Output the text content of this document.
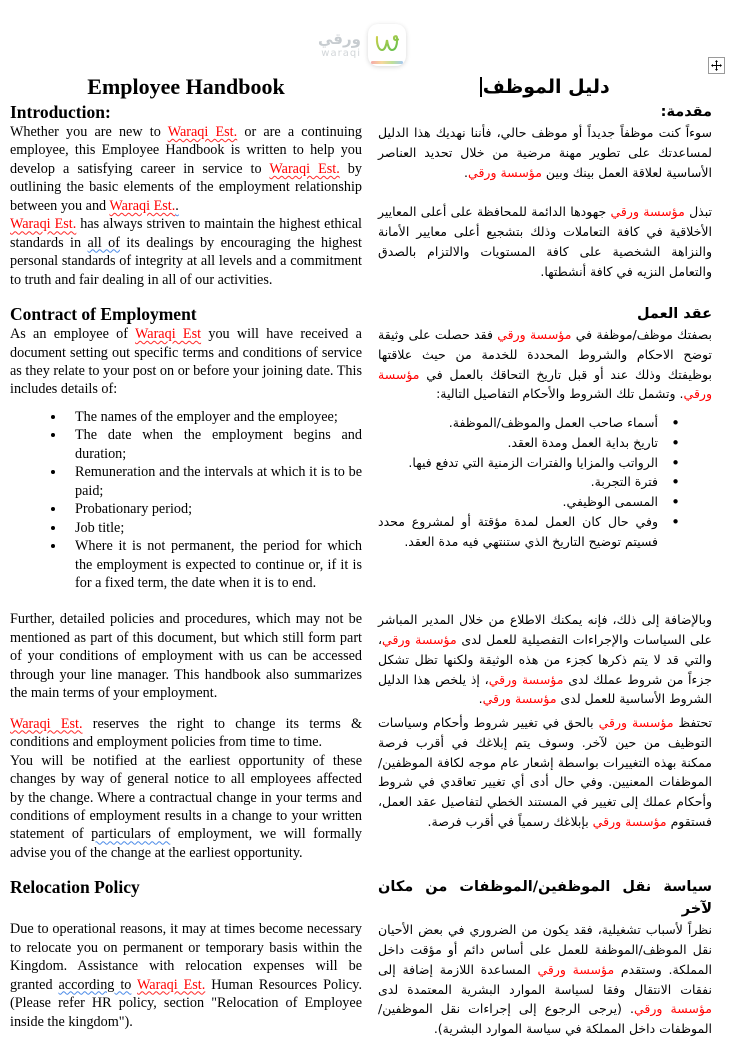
ورقي
waraqi
Employee Handbook	دليل الموظف
Introduction:	مقدمة:

Whether you are new to Waraqi Est. or are a continuing employee, this Employee Handbook is written to help you develop a satisfying career in service to Waraqi Est. by outlining the basic elements of the employment relationship between you and Waraqi Est..

Waraqi Est. has always striven to maintain the highest ethical standards in all of its dealings by encouraging the highest personal standards of integrity at all levels and a commitment to truth and fair dealing in all of our activities.

سوءاً كنت موظفاً جديداً أو موظف حالي، فأننا نهديك هذا الدليل لمساعدتك على تطوير مهنة مرضية من خلال تحديد العناصر الأساسية لعلاقة العمل بينك وبين مؤسسة ورقي.

تبذل مؤسسة ورقي جهودها الدائمة للمحافظة على أعلى المعايير الأخلاقية في كافة التعاملات وذلك بتشجيع أعلى معايير الأمانة والنزاهة الشخصية على كافة المستويات والالتزام بالصدق والتعامل النزيه في كافة أنشطتها.

Contract of Employment	عقد العمل

As an employee of Waraqi Est you will have received a document setting out specific terms and conditions of service as they relate to your post on or before your joining date. This includes details of:

• The names of the employer and the employee;
• The date when the employment begins and duration;
• Remuneration and the intervals at which it is to be paid;
• Probationary period;
• Job title;
• Where it is not permanent, the period for which the employment is expected to continue or, if it is for a fixed term, the date when it is to end.

بصفتك موظف/موظفة في مؤسسة ورقي فقد حصلت على وثيقة توضح الاحكام والشروط المحددة للخدمة من حيث علاقتها بوظيفتك وذلك عند أو قبل تاريخ التحاقك بالعمل في مؤسسة ورقي. وتشمل تلك الشروط والأحكام التفاصيل التالية:

• أسماء صاحب العمل والموظف/الموظفة.
• تاريخ بداية العمل ومدة العقد.
• الرواتب والمزايا والفترات الزمنية التي تدفع فيها.
• فترة التجربة.
• المسمى الوظيفي.
• وفي حال كان العمل لمدة مؤقتة أو لمشروع محدد فسيتم توضيح التاريخ الذي ستنتهي فيه مدة العقد.

Further, detailed policies and procedures, which may not be mentioned as part of this document, but which still form part of your conditions of employment with us can be accessed through your line manager. This handbook also summarizes the main terms of your employment.

Waraqi Est. reserves the right to change its terms & conditions and employment policies from time to time.

You will be notified at the earliest opportunity of these changes by way of general notice to all employees affected by the change. Where a contractual change in your terms and conditions of employment results in a change to your written statement of particulars of employment, we will formally advise you of the change at the earliest opportunity.

وبالإضافة إلى ذلك، فإنه يمكنك الاطلاع من خلال المدير المباشر على السياسات والإجراءات التفصيلية للعمل لدى مؤسسة ورقي، والتي قد لا يتم ذكرها كجزء من هذه الوثيقة ولكنها تظل تشكل جزءاً من شروط عملك لدى مؤسسة ورقي، إذ يلخص هذا الدليل الشروط الأساسية للعمل لدى مؤسسة ورقي.

تحتفظ مؤسسة ورقي بالحق في تغيير شروط وأحكام وسياسات التوظيف من حين لآخر. وسوف يتم إبلاغك في أقرب فرصة ممكنة بهذه التغييرات بواسطة إشعار عام موجه لكافة الموظفين/الموظفات المعنيين. وفي حال أدى أي تغيير تعاقدي في شروط وأحكام عملك إلى تغيير في المستند الخطي لتفاصيل عقد العمل، فستقوم مؤسسة ورقي بإبلاغك رسمياً في أقرب فرصة.

Relocation Policy	سياسة نقل الموظفين/الموظفات من مكان لآخر

Due to operational reasons, it may at times become necessary to relocate you on permanent or temporary basis within the Kingdom. Assistance with relocation expenses will be granted according to Waraqi Est. Human Resources Policy. (Please refer HR policy, section "Relocation of Employee inside the kingdom").

نظراً لأسباب تشغيلية، فقد يكون من الضروري في بعض الأحيان نقل الموظف/الموظفة للعمل على أساس دائم أو مؤقت داخل المملكة. وستقدم مؤسسة ورقي المساعدة اللازمة إضافة إلى نفقات الانتقال وفقا لسياسة الموارد البشرية المعتمدة لدى مؤسسة ورقي. (يرجى الرجوع إلى إجراءات نقل الموظفين/الموظفات داخل المملكة في سياسة الموارد البشرية).
